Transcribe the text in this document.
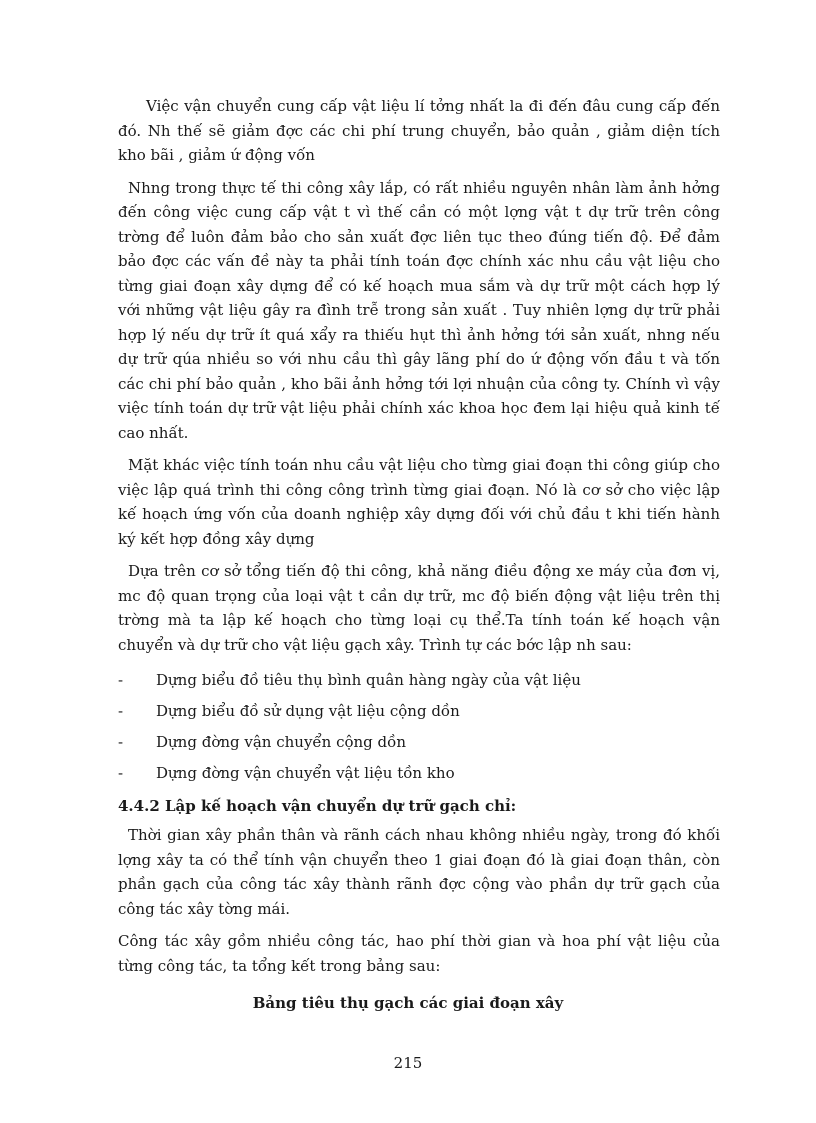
Việc vận chuyển cung cấp vật liệu lí tởng nhất la đi đến đâu cung cấp đến đó. Nh thế sẽ giảm đợc các chi phí trung chuyển, bảo quản , giảm diện tích kho bãi , giảm ứ động vốn

Nhng trong thực tế thi công xây lắp, có rất nhiều nguyên nhân làm ảnh hởng đến công việc cung cấp vật t vì thế cần có một lợng vật t dự trữ trên công trờng để luôn đảm bảo cho sản xuất đợc liên tục theo đúng tiến độ. Để đảm bảo đợc các vấn đề này ta phải tính toán đợc chính xác nhu cầu vật liệu cho từng giai đoạn xây dựng để có kế hoạch mua sắm và dự trữ một cách hợp lý với những vật liệu gây ra đình trễ trong sản xuất . Tuy nhiên lợng dự trữ phải hợp lý nếu dự trữ ít quá xẩy ra thiếu hụt thì ảnh hởng tới sản xuất, nhng nếu dự trữ qúa nhiều so với nhu cầu thì gây lãng phí do ứ động vốn đầu t và tốn các chi phí bảo quản , kho bãi ảnh hởng tới lợi nhuận của công ty. Chính vì vậy việc tính toán dự trữ vật liệu phải chính xác khoa học đem lại hiệu quả kinh tế cao nhất.

Mặt khác việc tính toán nhu cầu vật liệu cho từng giai đoạn thi công giúp cho việc lập quá trình thi công công trình từng giai đoạn. Nó là cơ sở cho việc lập kế hoạch ứng vốn của doanh nghiệp xây dựng đối với chủ đầu t khi tiến hành ký kết hợp đồng xây dựng

Dựa trên cơ sở tổng tiến độ thi công, khả năng điều động xe máy của đơn vị, mc độ quan trọng của loại vật t cần dự trữ, mc độ biến động vật liệu trên thị trờng mà ta lập kế hoạch cho từng loại cụ thể.Ta tính toán kế hoạch vận chuyển và dự trữ cho vật liệu gạch xây. Trình tự các bớc lập nh sau:

- Dựng biểu đồ tiêu thụ bình quân hàng ngày của vật liệu
- Dựng biểu đồ sử dụng vật liệu cộng dồn
- Dựng đờng vận chuyển cộng dồn
- Dựng đờng vận chuyển vật liệu tồn kho
4.4.2 Lập kế hoạch vận chuyển dự trữ gạch chỉ:

Thời gian xây phần thân và rãnh cách nhau không nhiều ngày, trong đó khối lợng xây ta có thể tính vận chuyển theo 1 giai đoạn đó là giai đoạn thân, còn phần gạch của công tác xây thành rãnh đợc cộng vào phần dự trữ gạch của công tác xây tờng mái.

Công tác xây gồm nhiều công tác, hao phí thời gian và hoa phí vật liệu của từng công tác, ta tổng kết trong bảng sau:

Bảng tiêu thụ gạch các giai đoạn xây
215
